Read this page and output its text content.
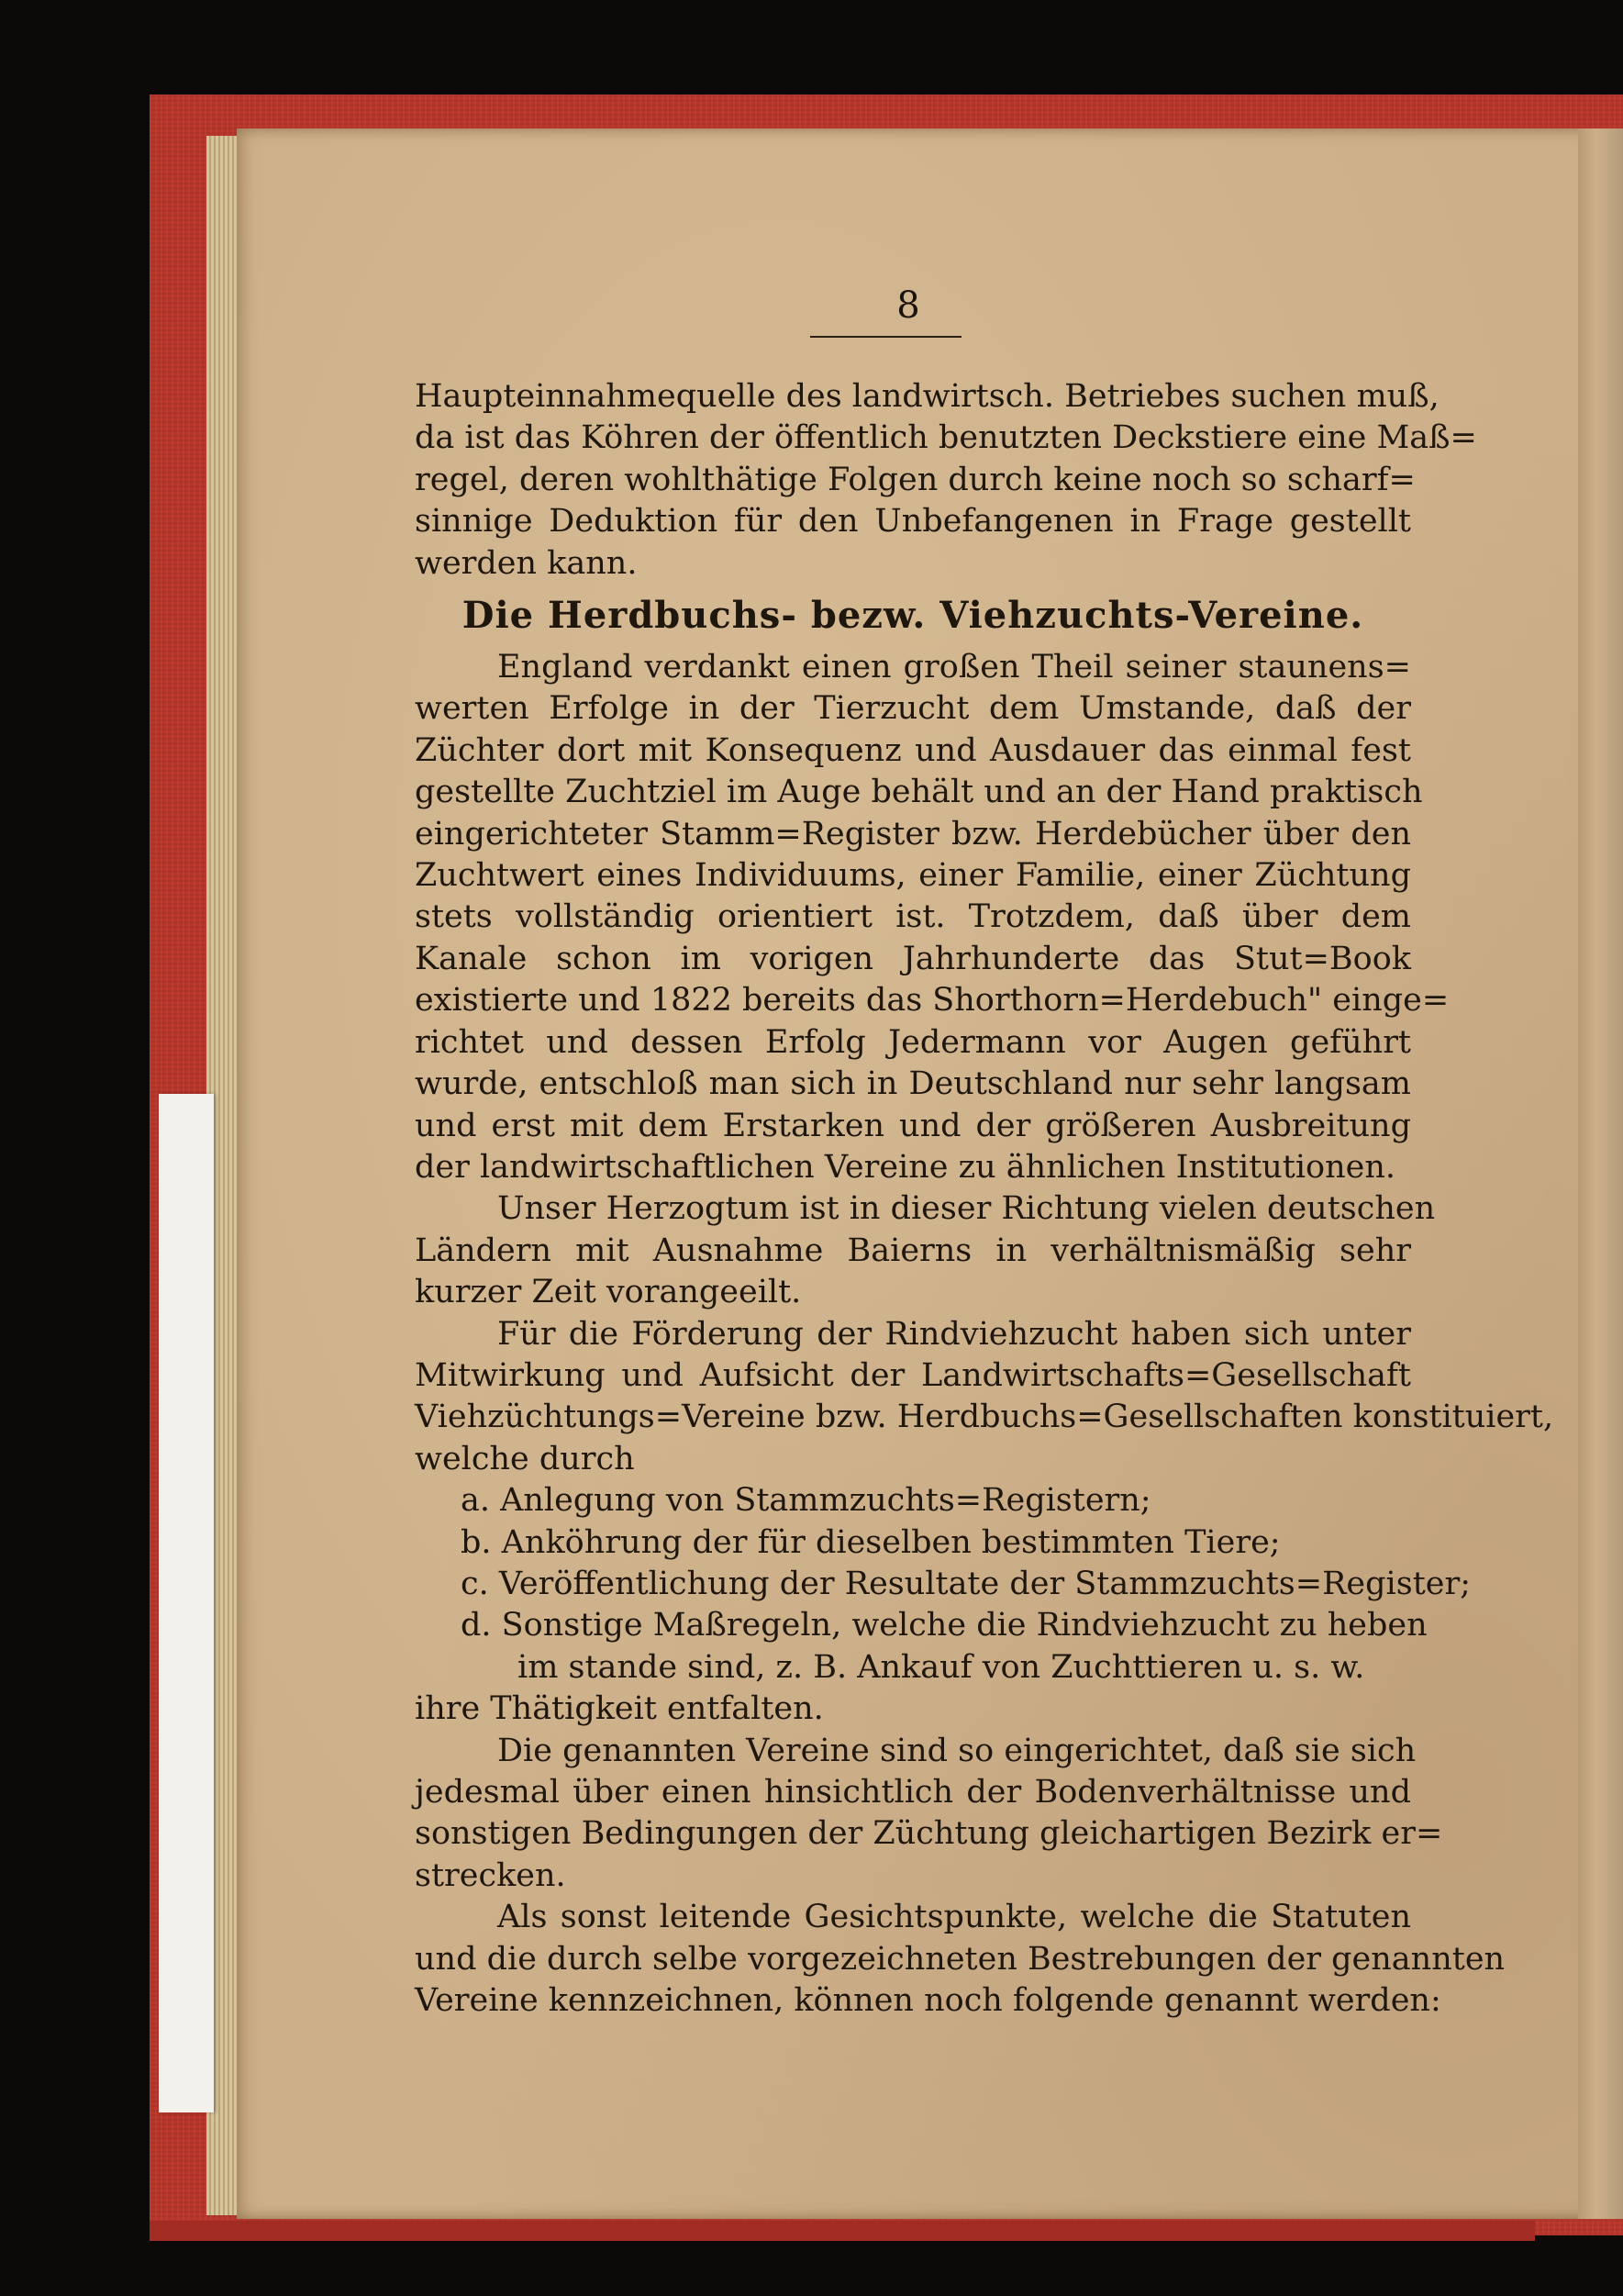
8
Haupteinnahmequelle des landwirtsch. Betriebes suchen muß,
da ist das Köhren der öffentlich benutzten Deckstiere eine Maß=
regel, deren wohlthätige Folgen durch keine noch so scharf=
sinnige Deduktion für den Unbefangenen in Frage gestellt
werden kann.
Die Herdbuchs- bezw. Viehzuchts-Vereine.
England verdankt einen großen Theil seiner staunens=
werten Erfolge in der Tierzucht dem Umstande, daß der
Züchter dort mit Konsequenz und Ausdauer das einmal fest
gestellte Zuchtziel im Auge behält und an der Hand praktisch
eingerichteter Stamm=Register bzw. Herdebücher über den
Zuchtwert eines Individuums, einer Familie, einer Züchtung
stets vollständig orientiert ist. Trotzdem, daß über dem
Kanale schon im vorigen Jahrhunderte das Stut=Book
existierte und 1822 bereits das Shorthorn=Herdebuch" einge=
richtet und dessen Erfolg Jedermann vor Augen geführt
wurde, entschloß man sich in Deutschland nur sehr langsam
und erst mit dem Erstarken und der größeren Ausbreitung
der landwirtschaftlichen Vereine zu ähnlichen Institutionen.
Unser Herzogtum ist in dieser Richtung vielen deutschen
Ländern mit Ausnahme Baierns in verhältnismäßig sehr
kurzer Zeit vorangeeilt.
Für die Förderung der Rindviehzucht haben sich unter
Mitwirkung und Aufsicht der Landwirtschafts=Gesellschaft
Viehzüchtungs=Vereine bzw. Herdbuchs=Gesellschaften konstituiert,
welche durch
a. Anlegung von Stammzuchts=Registern;
b. Anköhrung der für dieselben bestimmten Tiere;
c. Veröffentlichung der Resultate der Stammzuchts=Register;
d. Sonstige Maßregeln, welche die Rindviehzucht zu heben
im stande sind, z. B. Ankauf von Zuchttieren u. s. w.
ihre Thätigkeit entfalten.
Die genannten Vereine sind so eingerichtet, daß sie sich
jedesmal über einen hinsichtlich der Bodenverhältnisse und
sonstigen Bedingungen der Züchtung gleichartigen Bezirk er=
strecken.
Als sonst leitende Gesichtspunkte, welche die Statuten
und die durch selbe vorgezeichneten Bestrebungen der genannten
Vereine kennzeichnen, können noch folgende genannt werden:
